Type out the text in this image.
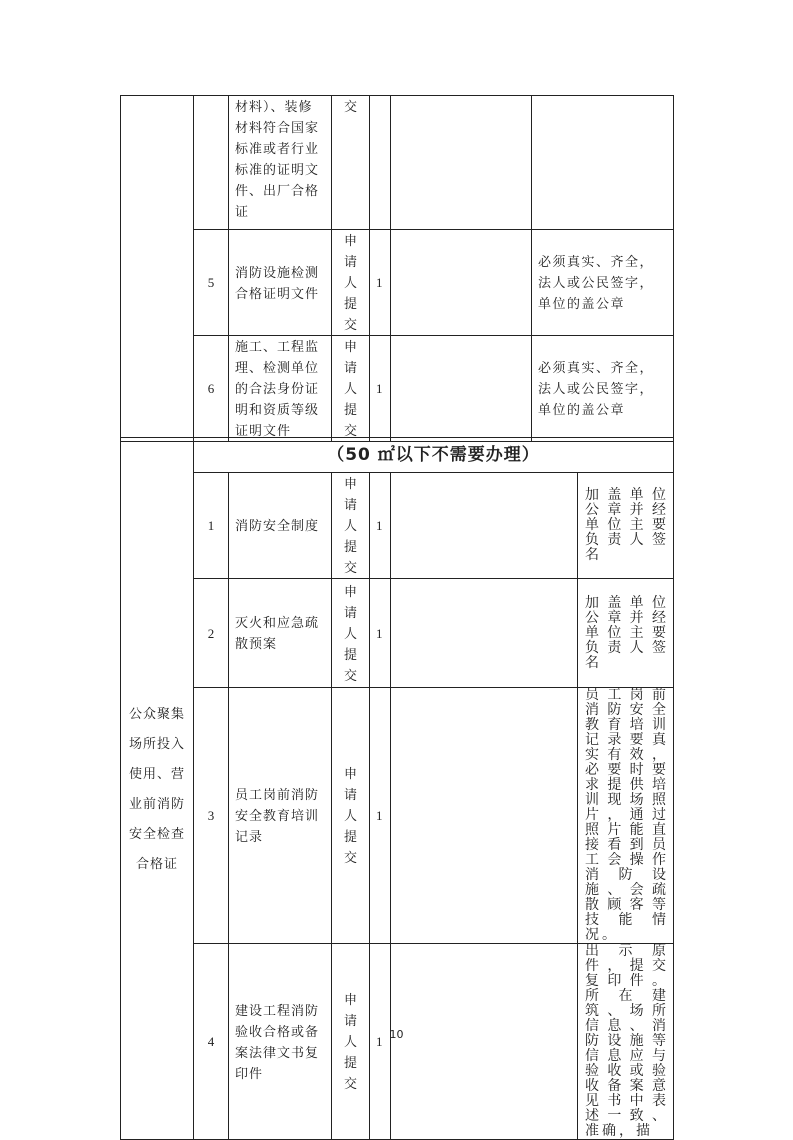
		材料）、装修材料符合国家标准或者行业标准的证明文件、出厂合格证	交			

	5	消防设施检测合格证明文件	申请人提交	1		必须真实、齐全，法人或公民签字，单位的盖公章
	6	施工、工程监理、检测单位的合法身份证明和资质等级证明文件	申请人提交	1		必须真实、齐全，法人或公民签字，单位的盖公章
公众聚集场所投入使用、营业前消防安全检查合格证	（50 ㎡以下不需要办理）					
	1	消防安全制度	申请人提交	1		加盖单位公章并经单位主要负责人签名
	2	灭火和应急疏散预案	申请人提交	1		加盖单位公章并经单位主要负责人签名
	3	员工岗前消防安全教育培训记录	申请人提交	1		员工岗前消防安全教育培训记录要真实有效，必要时要求提供培训现场照片，通过照片能直接看到员工会操作消防设施、会疏散顾客等技能情况。
	4	建设工程消防验收合格或备案法律文书复印件	申请人提交	1		出示原件，提交复印件。所在建筑、场所信息、消防设施等信息应与验收或验收备案意见书中表述一致、准确，描
10
